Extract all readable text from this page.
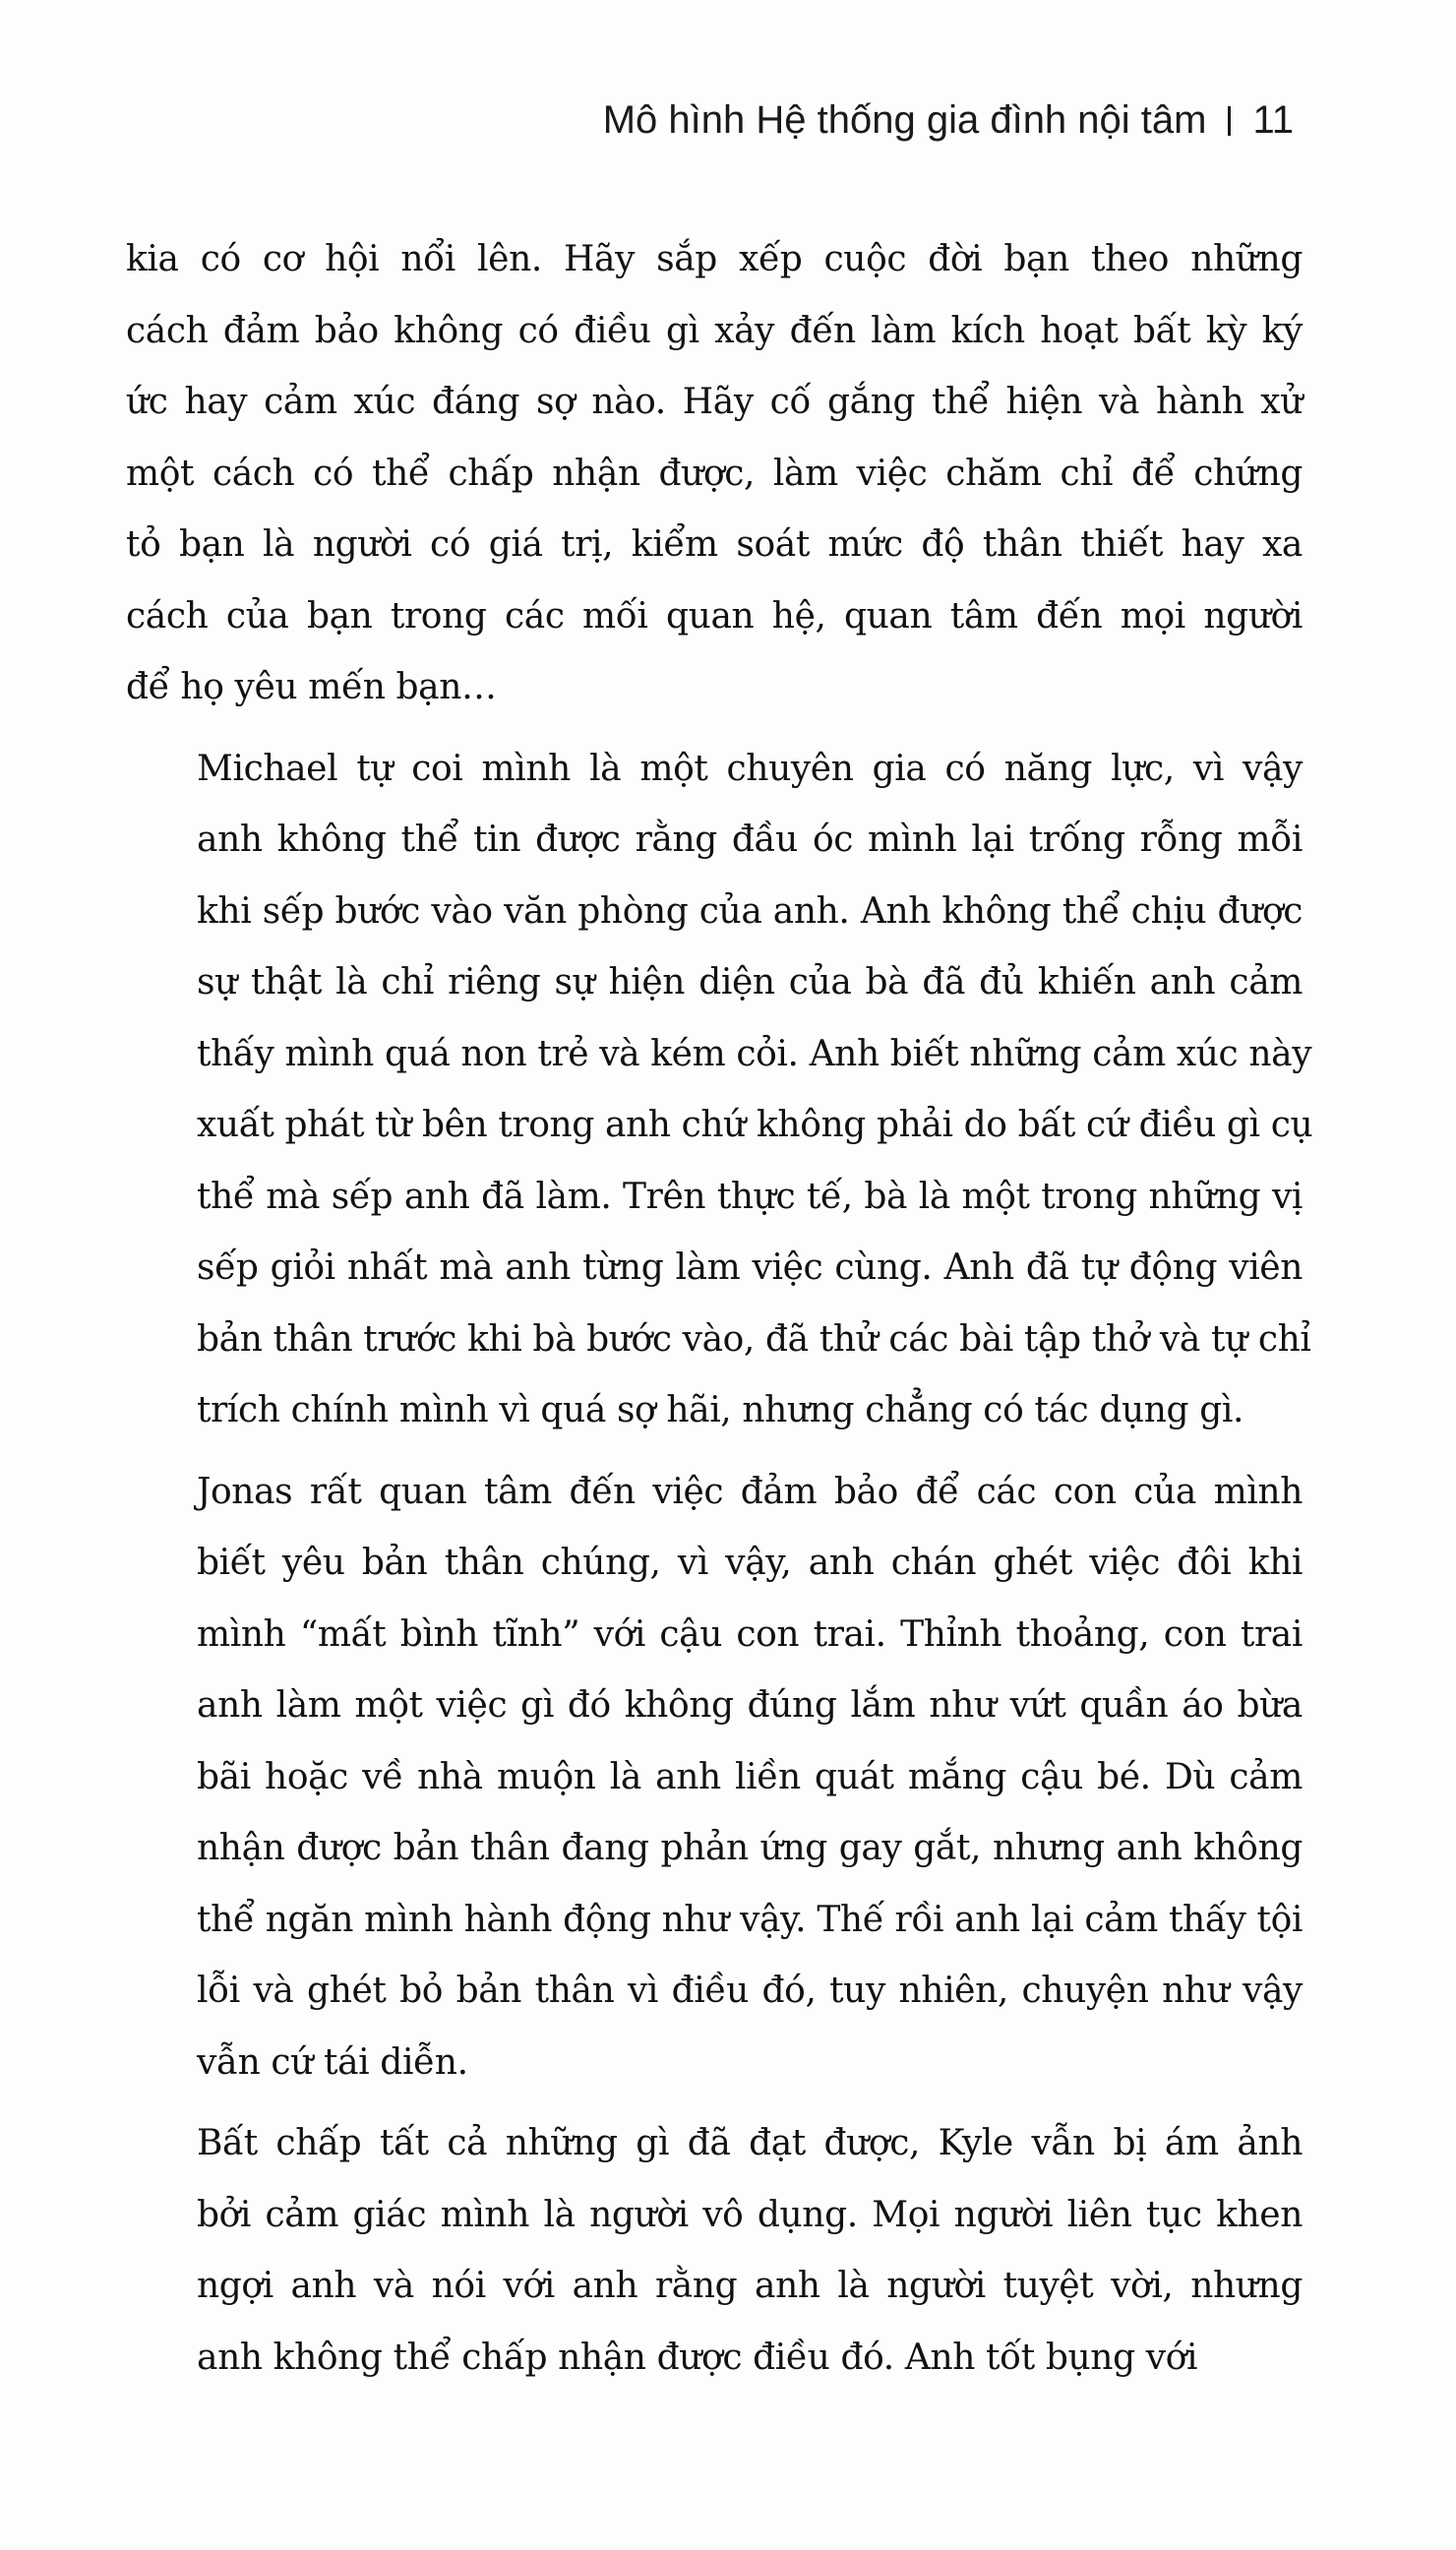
Mô hình Hệ thống gia đình nội tâm 11

kia có cơ hội nổi lên. Hãy sắp xếp cuộc đời bạn theo những
cách đảm bảo không có điều gì xảy đến làm kích hoạt bất kỳ ký
ức hay cảm xúc đáng sợ nào. Hãy cố gắng thể hiện và hành xử
một cách có thể chấp nhận được, làm việc chăm chỉ để chứng
tỏ bạn là người có giá trị, kiểm soát mức độ thân thiết hay xa
cách của bạn trong các mối quan hệ, quan tâm đến mọi người
để họ yêu mến bạn…

Michael tự coi mình là một chuyên gia có năng lực, vì vậy
anh không thể tin được rằng đầu óc mình lại trống rỗng mỗi
khi sếp bước vào văn phòng của anh. Anh không thể chịu được
sự thật là chỉ riêng sự hiện diện của bà đã đủ khiến anh cảm
thấy mình quá non trẻ và kém cỏi. Anh biết những cảm xúc này
xuất phát từ bên trong anh chứ không phải do bất cứ điều gì cụ
thể mà sếp anh đã làm. Trên thực tế, bà là một trong những vị
sếp giỏi nhất mà anh từng làm việc cùng. Anh đã tự động viên
bản thân trước khi bà bước vào, đã thử các bài tập thở và tự chỉ
trích chính mình vì quá sợ hãi, nhưng chẳng có tác dụng gì.

Jonas rất quan tâm đến việc đảm bảo để các con của mình
biết yêu bản thân chúng, vì vậy, anh chán ghét việc đôi khi
mình “mất bình tĩnh” với cậu con trai. Thỉnh thoảng, con trai
anh làm một việc gì đó không đúng lắm như vứt quần áo bừa
bãi hoặc về nhà muộn là anh liền quát mắng cậu bé. Dù cảm
nhận được bản thân đang phản ứng gay gắt, nhưng anh không
thể ngăn mình hành động như vậy. Thế rồi anh lại cảm thấy tội
lỗi và ghét bỏ bản thân vì điều đó, tuy nhiên, chuyện như vậy
vẫn cứ tái diễn.

Bất chấp tất cả những gì đã đạt được, Kyle vẫn bị ám ảnh
bởi cảm giác mình là người vô dụng. Mọi người liên tục khen
ngợi anh và nói với anh rằng anh là người tuyệt vời, nhưng
anh không thể chấp nhận được điều đó. Anh tốt bụng với
